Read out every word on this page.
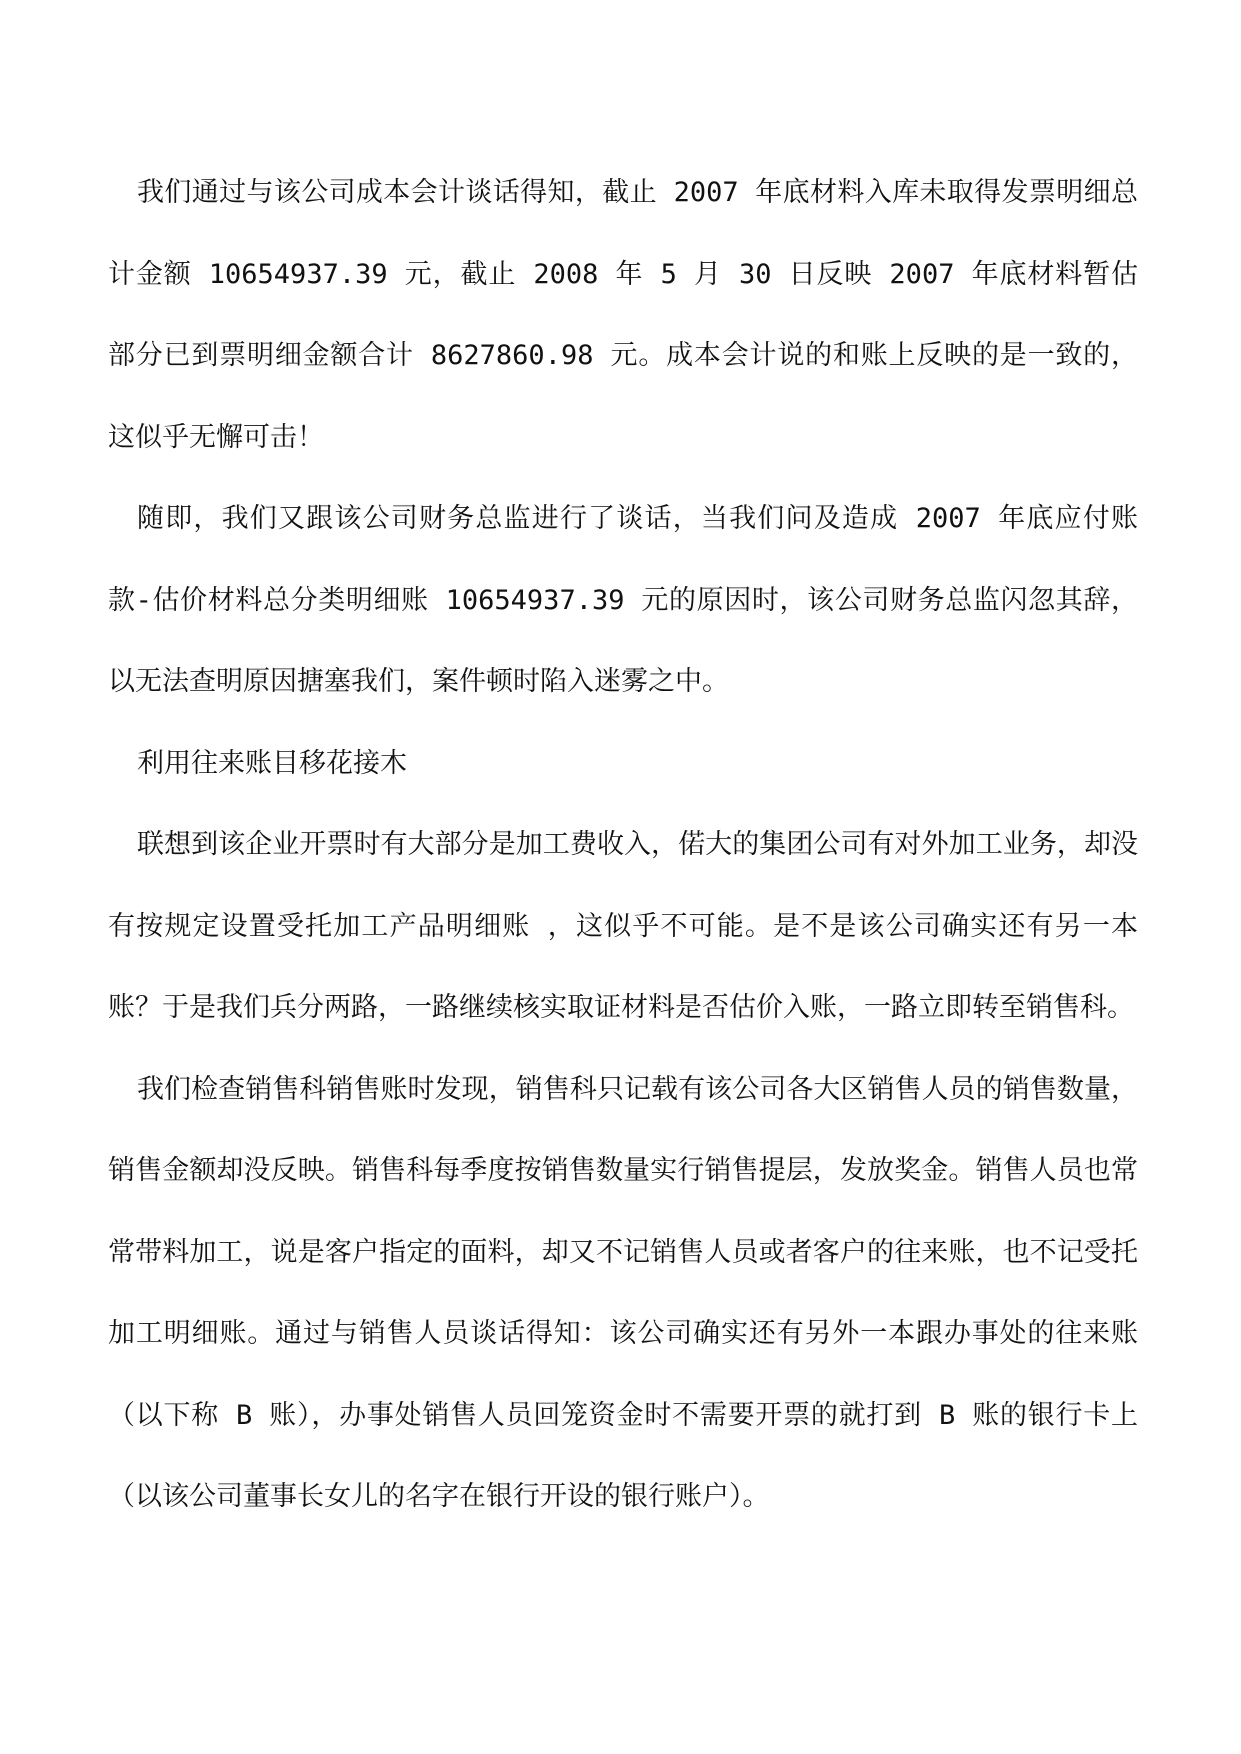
我们通过与该公司成本会计谈话得知，截止 2007 年底材料入库未取得发票明细总计金额 10654937.39 元，截止 2008 年 5 月 30 日反映 2007 年底材料暂估部分已到票明细金额合计 8627860.98 元。成本会计说的和账上反映的是一致的，这似乎无懈可击！

随即，我们又跟该公司财务总监进行了谈话，当我们问及造成 2007 年底应付账款-估价材料总分类明细账 10654937.39 元的原因时，该公司财务总监闪忽其辞，以无法查明原因搪塞我们，案件顿时陷入迷雾之中。

利用往来账目移花接木

联想到该企业开票时有大部分是加工费收入，偌大的集团公司有对外加工业务，却没有按规定设置受托加工产品明细账 ，这似乎不可能。是不是该公司确实还有另一本账？于是我们兵分两路，一路继续核实取证材料是否估价入账，一路立即转至销售科。

我们检查销售科销售账时发现，销售科只记载有该公司各大区销售人员的销售数量，销售金额却没反映。销售科每季度按销售数量实行销售提层，发放奖金。销售人员也常常带料加工，说是客户指定的面料，却又不记销售人员或者客户的往来账，也不记受托加工明细账。通过与销售人员谈话得知：该公司确实还有另外一本跟办事处的往来账（以下称 B 账），办事处销售人员回笼资金时不需要开票的就打到 B 账的银行卡上（以该公司董事长女儿的名字在银行开设的银行账户）。
